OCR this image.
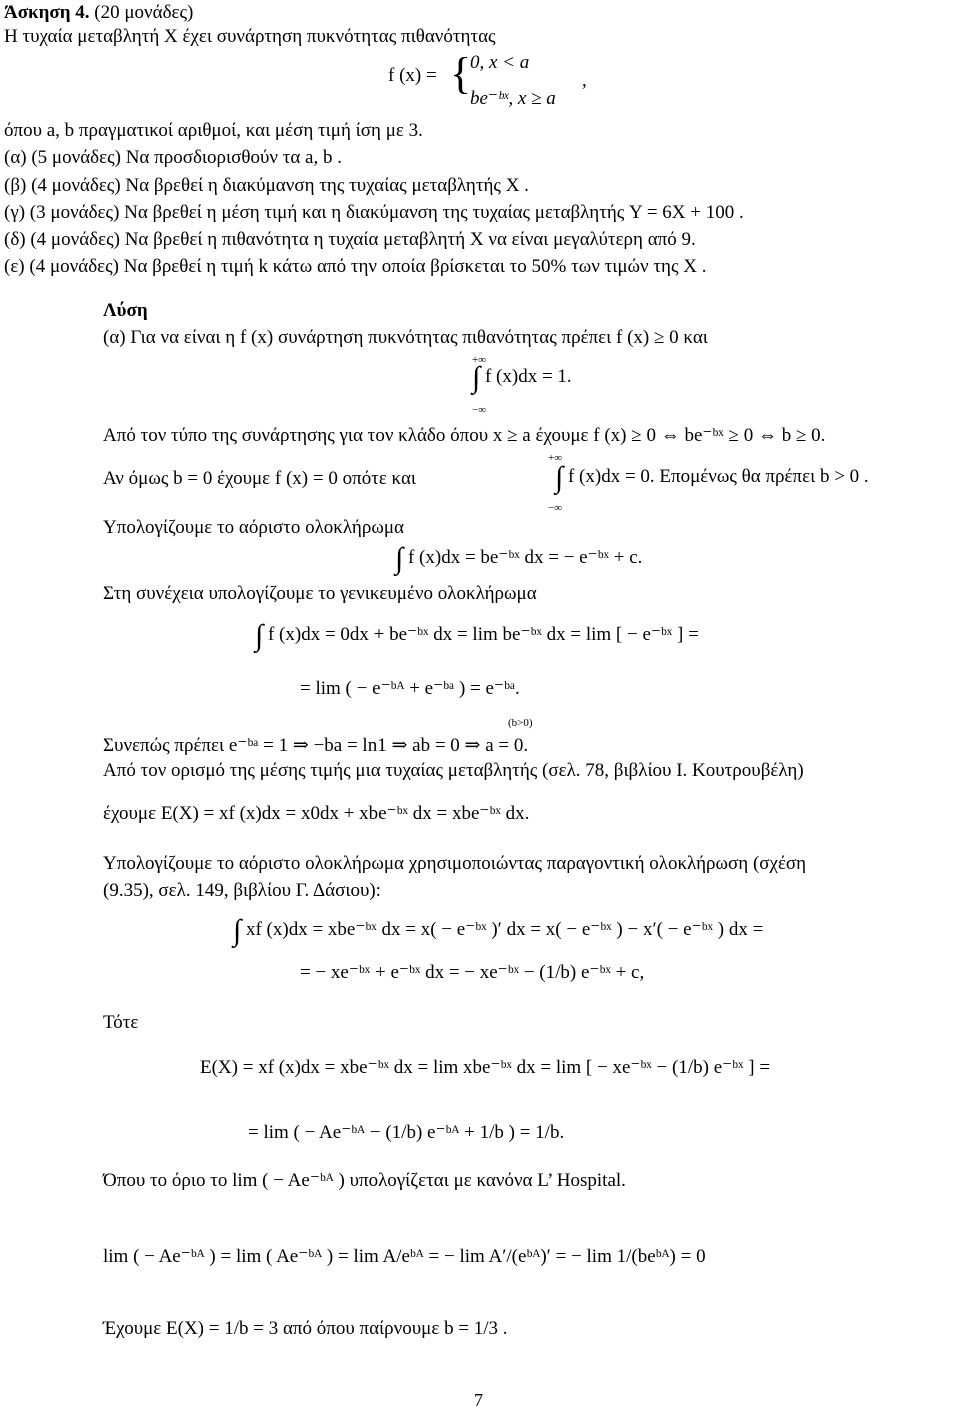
Άσκηση 4. (20 μονάδες)
Η τυχαία μεταβλητή X έχει συνάρτηση πυκνότητας πιθανότητας
f (x) = {
0, x < a
be⁻ᵇˣ, x ≥ a
,
όπου a, b πραγματικοί αριθμοί, και μέση τιμή ίση με 3.
(α) (5 μονάδες) Να προσδιορισθούν τα a, b .
(β) (4 μονάδες) Να βρεθεί η διακύμανση της τυχαίας μεταβλητής X .
(γ) (3 μονάδες) Να βρεθεί η μέση τιμή και η διακύμανση της τυχαίας μεταβλητής Y = 6X + 100 .
(δ) (4 μονάδες) Να βρεθεί η πιθανότητα η τυχαία μεταβλητή X να είναι μεγαλύτερη από 9.
(ε) (4 μονάδες) Να βρεθεί η τιμή k κάτω από την οποία βρίσκεται το 50% των τιμών της X .
Λύση
(α) Για να είναι η f (x) συνάρτηση πυκνότητας πιθανότητας πρέπει f (x) ≥ 0 και
+∞
∫ f (x)dx = 1.
−∞
Από τον τύπο της συνάρτησης για τον κλάδο όπου x ≥ a έχουμε f (x) ≥ 0 ⇔ be⁻ᵇˣ ≥ 0 ⇔ b ≥ 0.
Αν όμως b = 0 έχουμε f (x) = 0 οπότε και
+∞
∫ f (x)dx = 0. Επομένως θα πρέπει b > 0 .
−∞
Υπολογίζουμε το αόριστο ολοκλήρωμα
∫ f (x)dx = be⁻ᵇˣ dx = − e⁻ᵇˣ + c.
Στη συνέχεια υπολογίζουμε το γενικευμένο ολοκλήρωμα
∫ f (x)dx = 0dx + be⁻ᵇˣ dx = lim be⁻ᵇˣ dx = lim [ − e⁻ᵇˣ ] =
= lim ( − e⁻ᵇᴬ + e⁻ᵇᵃ ) = e⁻ᵇᵃ.
(b>0)
Συνεπώς πρέπει e⁻ᵇᵃ = 1 ⇒ −ba = ln1 ⇒ ab = 0 ⇒ a = 0.
Από τον ορισμό της μέσης τιμής μια τυχαίας μεταβλητής (σελ. 78, βιβλίου Ι. Κουτρουβέλη)
έχουμε E(X) = xf (x)dx = x0dx + xbe⁻ᵇˣ dx = xbe⁻ᵇˣ dx.
Υπολογίζουμε το αόριστο ολοκλήρωμα χρησιμοποιώντας παραγοντική ολοκλήρωση (σχέση
(9.35), σελ. 149, βιβλίου Γ. Δάσιου):
∫ xf (x)dx = xbe⁻ᵇˣ dx = x( − e⁻ᵇˣ )′ dx = x( − e⁻ᵇˣ ) − x′( − e⁻ᵇˣ ) dx =
= − xe⁻ᵇˣ + e⁻ᵇˣ dx = − xe⁻ᵇˣ − (1/b) e⁻ᵇˣ + c,
Τότε
E(X) = xf (x)dx = xbe⁻ᵇˣ dx = lim xbe⁻ᵇˣ dx = lim [ − xe⁻ᵇˣ − (1/b) e⁻ᵇˣ ] =
= lim ( − Ae⁻ᵇᴬ − (1/b) e⁻ᵇᴬ + 1/b ) = 1/b.
Όπου το όριο το lim ( − Ae⁻ᵇᴬ ) υπολογίζεται με κανόνα L’ Hospital.
lim ( − Ae⁻ᵇᴬ ) = lim ( Ae⁻ᵇᴬ ) = lim A/eᵇᴬ = − lim A′/(eᵇᴬ)′ = − lim 1/(beᵇᴬ) = 0
Έχουμε E(X) = 1/b = 3 από όπου παίρνουμε b = 1/3 .
7
